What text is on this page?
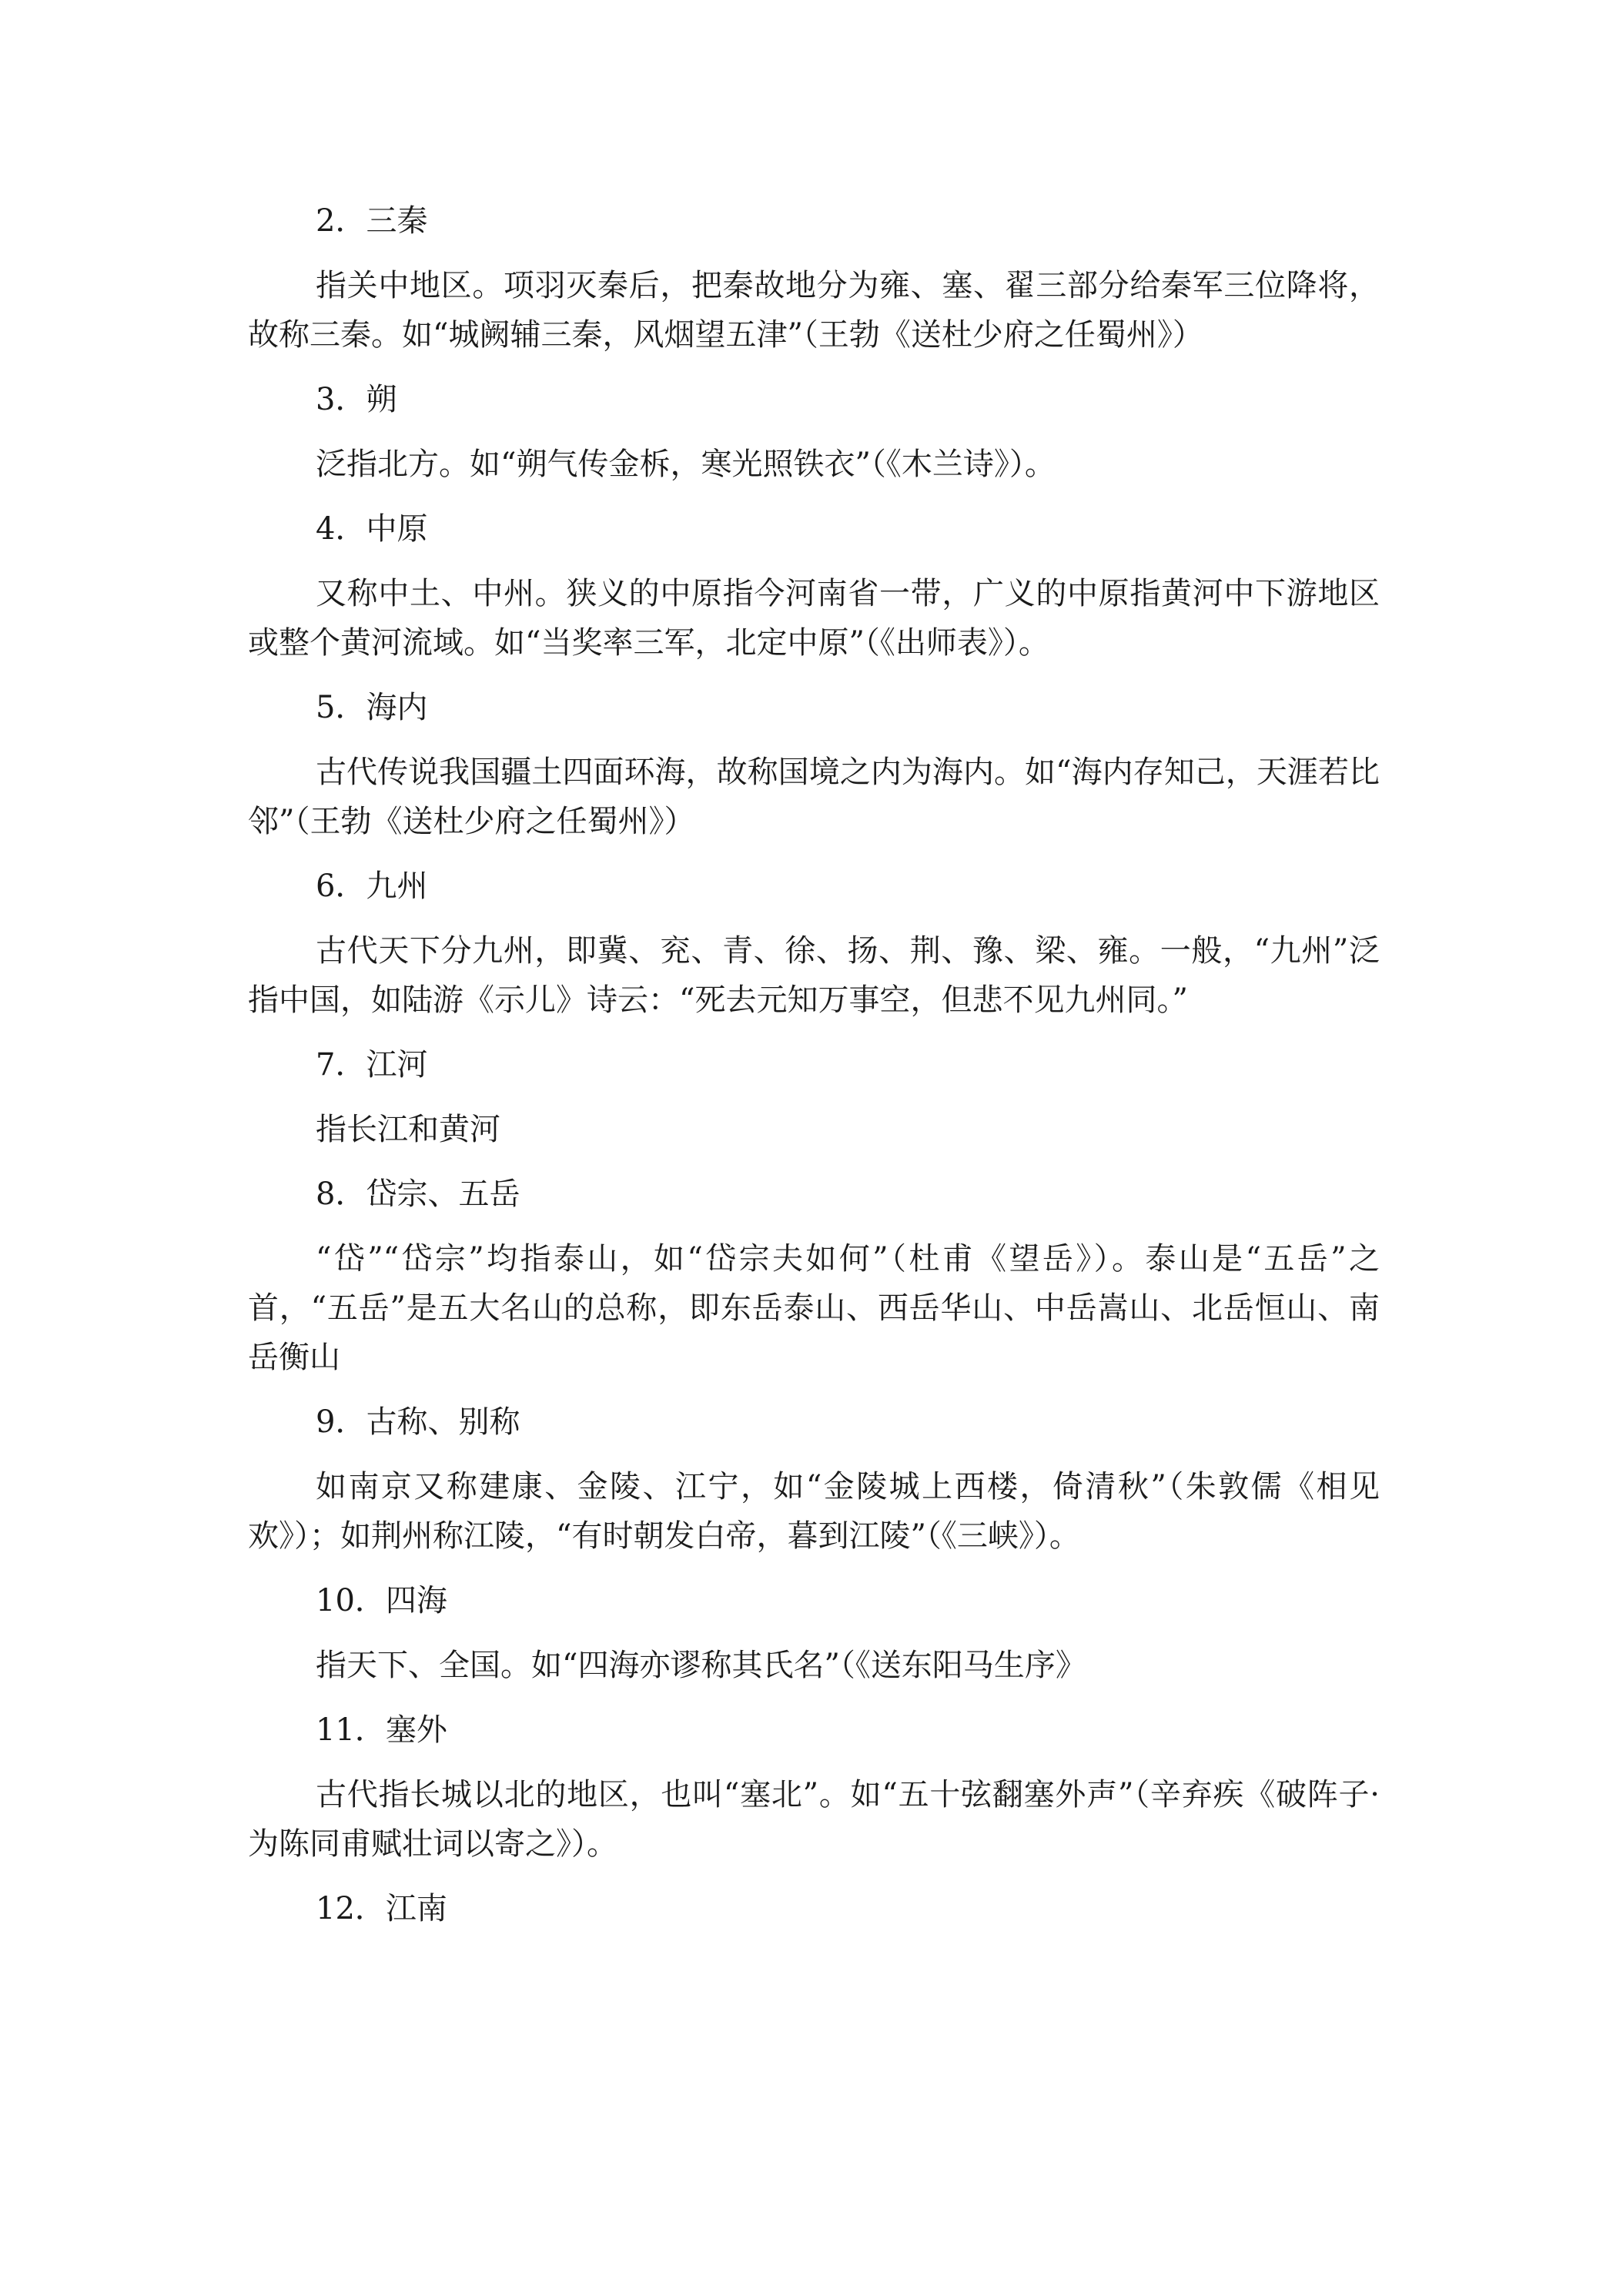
2．三秦
指关中地区。项羽灭秦后，把秦故地分为雍、塞、翟三部分给秦军三位降将，故称三秦。如“城阙辅三秦，风烟望五津”（王勃《送杜少府之任蜀州》）
3．朔
泛指北方。如“朔气传金柝，寒光照铁衣”（《木兰诗》）。
4．中原
又称中土、中州。狭义的中原指今河南省一带，广义的中原指黄河中下游地区或整个黄河流域。如“当奖率三军，北定中原”（《出师表》）。
5．海内
古代传说我国疆土四面环海，故称国境之内为海内。如“海内存知己，天涯若比邻”（王勃《送杜少府之任蜀州》）
6．九州
古代天下分九州，即冀、兖、青、徐、扬、荆、豫、梁、雍。一般，“九州”泛指中国，如陆游《示儿》诗云：“死去元知万事空，但悲不见九州同。”
7．江河
指长江和黄河
8．岱宗、五岳
“岱”“岱宗”均指泰山，如“岱宗夫如何”（杜甫《望岳》）。泰山是“五岳”之首，“五岳”是五大名山的总称，即东岳泰山、西岳华山、中岳嵩山、北岳恒山、南岳衡山
9．古称、别称
如南京又称建康、金陵、江宁，如“金陵城上西楼，倚清秋”（朱敦儒《相见欢》）；如荆州称江陵，“有时朝发白帝，暮到江陵”（《三峡》）。
10．四海
指天下、全国。如“四海亦谬称其氏名”（《送东阳马生序》
11．塞外
古代指长城以北的地区，也叫“塞北”。如“五十弦翻塞外声”（辛弃疾《破阵子·为陈同甫赋壮词以寄之》）。
12．江南
